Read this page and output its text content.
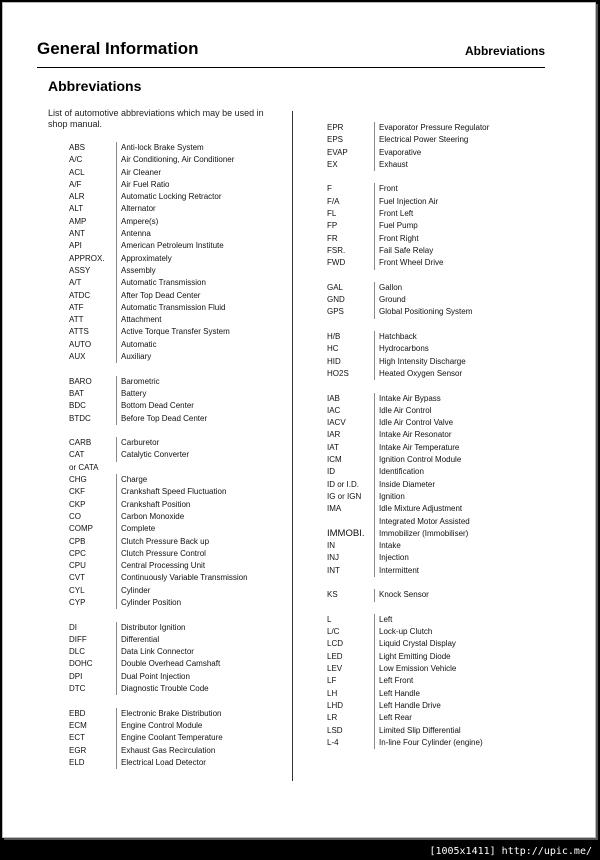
General Information	Abbreviations
Abbreviations
List of automotive abbreviations which may be used in shop manual.
ABS	Anti-lock Brake System
A/C	Air Conditioning, Air Conditioner
ACL	Air Cleaner
A/F	Air Fuel Ratio
ALR	Automatic Locking Retractor
ALT	Alternator
AMP	Ampere(s)
ANT	Antenna
API	American Petroleum Institute
APPROX.	Approximately
ASSY	Assembly
A/T	Automatic Transmission
ATDC	After Top Dead Center
ATF	Automatic Transmission Fluid
ATT	Attachment
ATTS	Active Torque Transfer System
AUTO	Automatic
AUX	Auxiliary
BARO	Barometric
BAT	Battery
BDC	Bottom Dead Center
BTDC	Before Top Dead Center
CARB	Carburetor
CAT	Catalytic Converter
or CATA
CHG	Charge
CKF	Crankshaft Speed Fluctuation
CKP	Crankshaft Position
CO	Carbon Monoxide
COMP	Complete
CPB	Clutch Pressure Back up
CPC	Clutch Pressure Control
CPU	Central Processing Unit
CVT	Continuously Variable Transmission
CYL	Cylinder
CYP	Cylinder Position
DI	Distributor Ignition
DIFF	Differential
DLC	Data Link Connector
DOHC	Double Overhead Camshaft
DPI	Dual Point Injection
DTC	Diagnostic Trouble Code
EBD	Electronic Brake Distribution
ECM	Engine Control Module
ECT	Engine Coolant Temperature
EGR	Exhaust Gas Recirculation
ELD	Electrical Load Detector
EPR	Evaporator Pressure Regulator
EPS	Electrical Power Steering
EVAP	Evaporative
EX	Exhaust
F	Front
F/A	Fuel Injection Air
FL	Front Left
FP	Fuel Pump
FR	Front Right
FSR.	Fail Safe Relay
FWD	Front Wheel Drive
GAL	Gallon
GND	Ground
GPS	Global Positioning System
H/B	Hatchback
HC	Hydrocarbons
HID	High Intensity Discharge
HO2S	Heated Oxygen Sensor
IAB	Intake Air Bypass
IAC	Idle Air Control
IACV	Idle Air Control Valve
IAR	Intake Air Resonator
IAT	Intake Air Temperature
ICM	Ignition Control Module
ID	Identification
ID or I.D.	Inside Diameter
IG or IGN	Ignition
IMA	Idle Mixture Adjustment
Integrated Motor Assisted
IMMOBI.	Immobilizer (Immobiliser)
IN	Intake
INJ	Injection
INT	Intermittent
KS	Knock Sensor
L	Left
L/C	Lock-up Clutch
LCD	Liquid Crystal Display
LED	Light Emitting Diode
LEV	Low Emission Vehicle
LF	Left Front
LH	Left Handle
LHD	Left Handle Drive
LR	Left Rear
LSD	Limited Slip Differential
L-4	In-line Four Cylinder (engine)
[1005x1411] http://upic.me/
